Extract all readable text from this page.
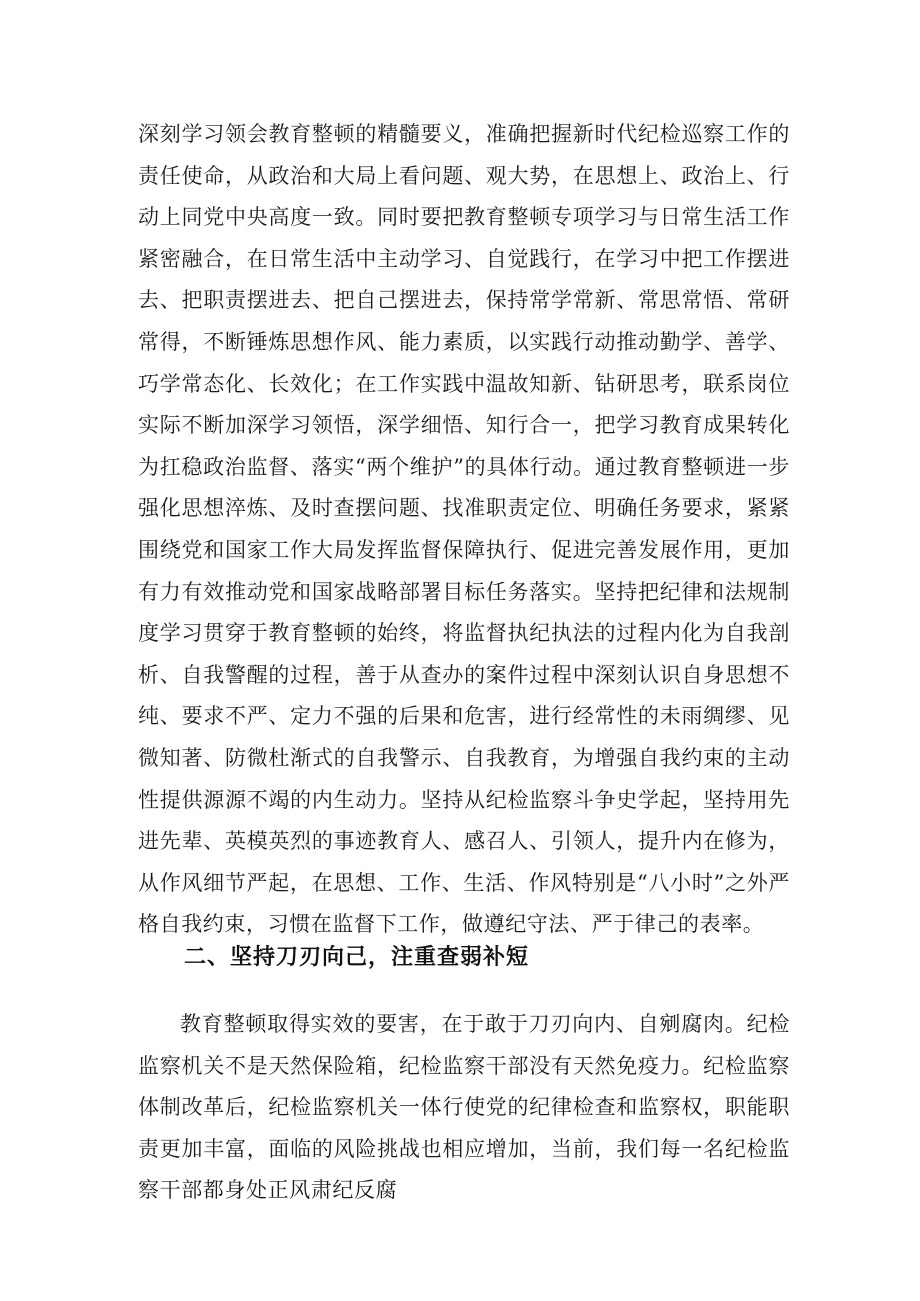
深刻学习领会教育整顿的精髓要义，准确把握新时代纪检巡察工作的责任使命，从政治和大局上看问题、观大势，在思想上、政治上、行动上同党中央高度一致。同时要把教育整顿专项学习与日常生活工作紧密融合，在日常生活中主动学习、自觉践行，在学习中把工作摆进去、把职责摆进去、把自己摆进去，保持常学常新、常思常悟、常研常得，不断锤炼思想作风、能力素质，以实践行动推动勤学、善学、巧学常态化、长效化；在工作实践中温故知新、钻研思考，联系岗位实际不断加深学习领悟，深学细悟、知行合一，把学习教育成果转化为扛稳政治监督、落实“两个维护”的具体行动。通过教育整顿进一步强化思想淬炼、及时查摆问题、找准职责定位、明确任务要求，紧紧围绕党和国家工作大局发挥监督保障执行、促进完善发展作用，更加有力有效推动党和国家战略部署目标任务落实。坚持把纪律和法规制度学习贯穿于教育整顿的始终，将监督执纪执法的过程内化为自我剖析、自我警醒的过程，善于从查办的案件过程中深刻认识自身思想不纯、要求不严、定力不强的后果和危害，进行经常性的未雨绸缪、见微知著、防微杜渐式的自我警示、自我教育，为增强自我约束的主动性提供源源不竭的内生动力。坚持从纪检监察斗争史学起，坚持用先进先辈、英模英烈的事迹教育人、感召人、引领人，提升内在修为，从作风细节严起，在思想、工作、生活、作风特别是“八小时”之外严格自我约束，习惯在监督下工作，做遵纪守法、严于律己的表率。

二、坚持刀刃向己，注重查弱补短

教育整顿取得实效的要害，在于敢于刀刃向内、自剜腐肉。纪检监察机关不是天然保险箱，纪检监察干部没有天然免疫力。纪检监察体制改革后，纪检监察机关一体行使党的纪律检查和监察权，职能职责更加丰富，面临的风险挑战也相应增加，当前，我们每一名纪检监察干部都身处正风肃纪反腐
